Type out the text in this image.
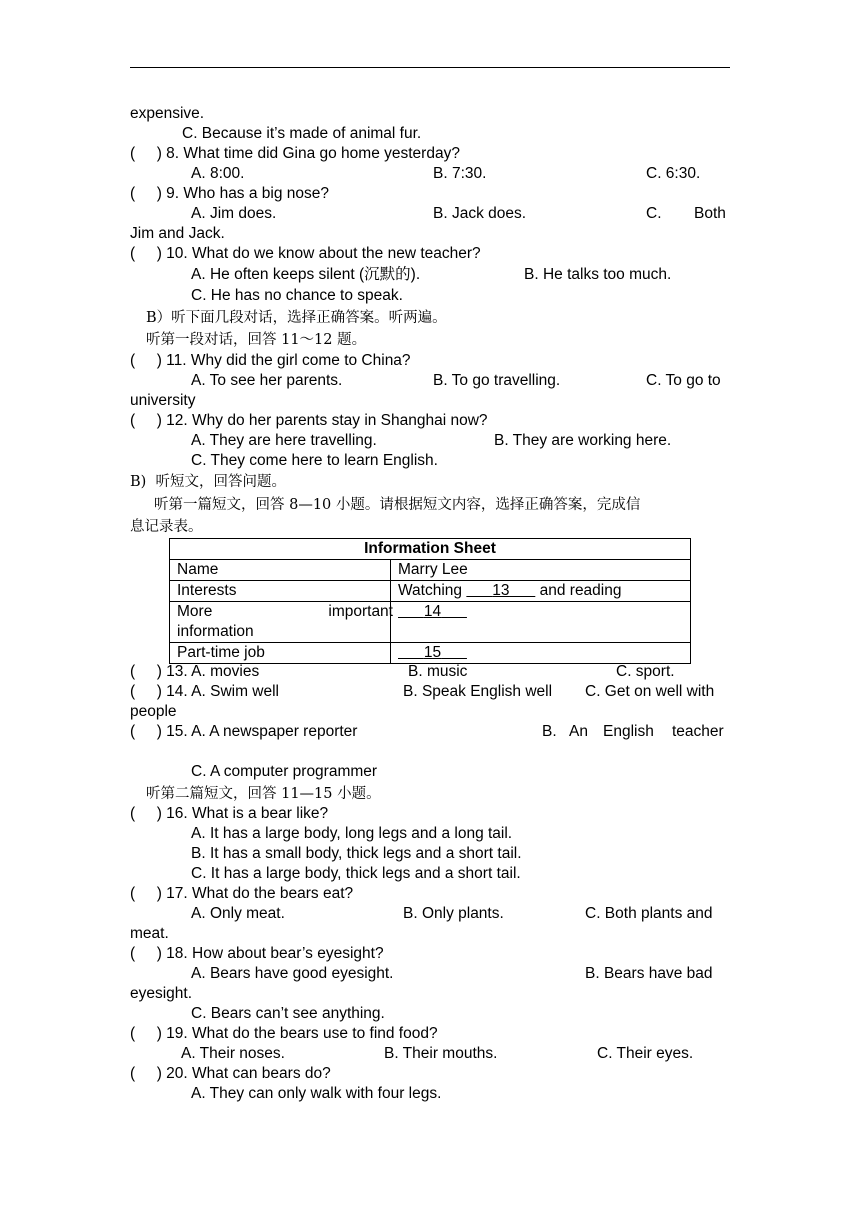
expensive.
C. Because it’s made of animal fur.
(     ) 8. What time did Gina go home yesterday?
A. 8:00.	B. 7:30.	C. 6:30.
(     ) 9. Who has a big nose?
A. Jim does.	B. Jack does.	C. Both
Jim and Jack.
(     ) 10. What do we know about the new teacher?
A. He often keeps silent (沉默的).	B. He talks too much.
C. He has no chance to speak.
B）听下面几段对话，选择正确答案。听两遍。
听第一段对话，回答 11～12 题。
(     ) 11. Why did the girl come to China?
A. To see her parents.	B. To go travelling.	C. To go to
university
(     ) 12. Why do her parents stay in Shanghai now?
A. They are here travelling.	B. They are working here.
C. They come here to learn English.
B)  听短文，回答问题。
听第一篇短文，回答 8—10 小题。请根据短文内容，选择正确答案，完成信
息记录表。
Information Sheet	
Name	Marry Lee
Interests	Watching 13 and reading

More important
information	14
Part-time job	15
(     ) 13. A. movies	B. music	C. sport.
(     ) 14. A. Swim well	B. Speak English well C. Get on well with
people
(     ) 15. A. A newspaper reporter	B. An English teacher
C. A computer programmer
听第二篇短文，回答 11—15 小题。
(     ) 16. What is a bear like?
A. It has a large body, long legs and a long tail.
B. It has a small body, thick legs and a short tail.
C. It has a large body, thick legs and a short tail.
(     ) 17. What do the bears eat?
A. Only meat.	B. Only plants.	C. Both plants and
meat.
(     ) 18. How about bear’s eyesight?
A. Bears have good eyesight.	B. Bears have bad
eyesight.
C. Bears can’t see anything.
(     ) 19. What do the bears use to find food?
A. Their noses.	B. Their mouths.	C. Their eyes.
(     ) 20. What can bears do?
A. They can only walk with four legs.
